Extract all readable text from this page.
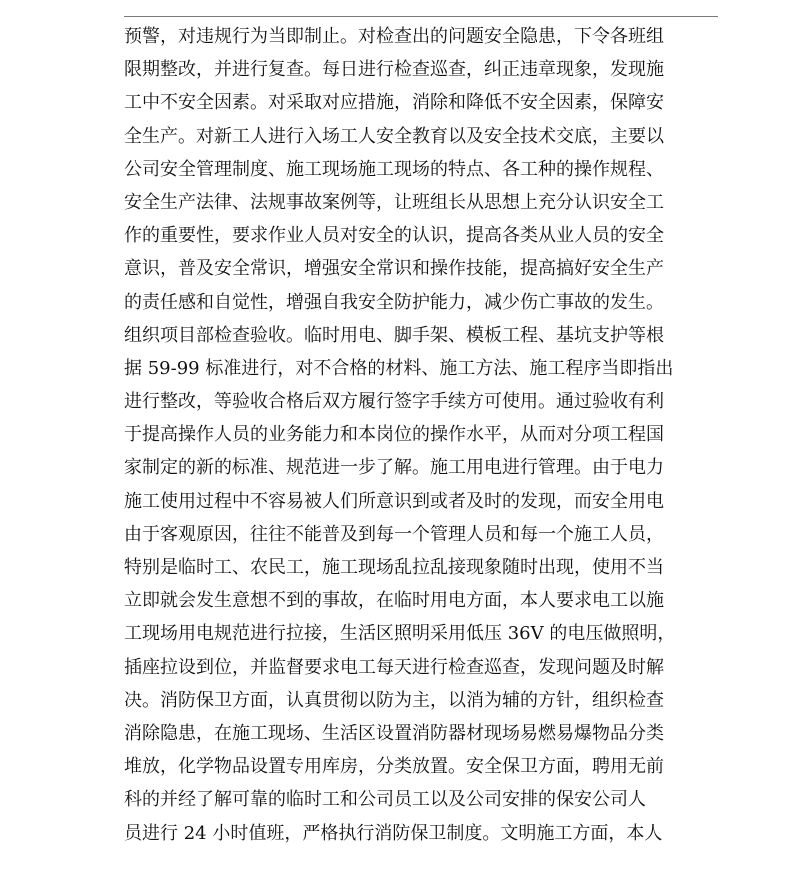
预警，对违规行为当即制止。对检查出的问题安全隐患，下令各班组
限期整改，并进行复查。每日进行检查巡查，纠正违章现象，发现施
工中不安全因素。对采取对应措施，消除和降低不安全因素，保障安
全生产。对新工人进行入场工人安全教育以及安全技术交底，主要以
公司安全管理制度、施工现场施工现场的特点、各工种的操作规程、
安全生产法律、法规事故案例等，让班组长从思想上充分认识安全工
作的重要性，要求作业人员对安全的认识，提高各类从业人员的安全
意识，普及安全常识，增强安全常识和操作技能，提高搞好安全生产
的责任感和自觉性，增强自我安全防护能力，减少伤亡事故的发生。
组织项目部检查验收。临时用电、脚手架、模板工程、基坑支护等根
据 59-99 标准进行，对不合格的材料、施工方法、施工程序当即指出
进行整改，等验收合格后双方履行签字手续方可使用。通过验收有利
于提高操作人员的业务能力和本岗位的操作水平，从而对分项工程国
家制定的新的标准、规范进一步了解。施工用电进行管理。由于电力
施工使用过程中不容易被人们所意识到或者及时的发现，而安全用电
由于客观原因，往往不能普及到每一个管理人员和每一个施工人员，
特别是临时工、农民工，施工现场乱拉乱接现象随时出现，使用不当
立即就会发生意想不到的事故，在临时用电方面，本人要求电工以施
工现场用电规范进行拉接，生活区照明采用低压 36V 的电压做照明，
插座拉设到位，并监督要求电工每天进行检查巡查，发现问题及时解
决。消防保卫方面，认真贯彻以防为主，以消为辅的方针，组织检查
消除隐患，在施工现场、生活区设置消防器材现场易燃易爆物品分类
堆放，化学物品设置专用库房，分类放置。安全保卫方面，聘用无前
科的并经了解可靠的临时工和公司员工以及公司安排的保安公司人
员进行 24 小时值班，严格执行消防保卫制度。文明施工方面，本人
